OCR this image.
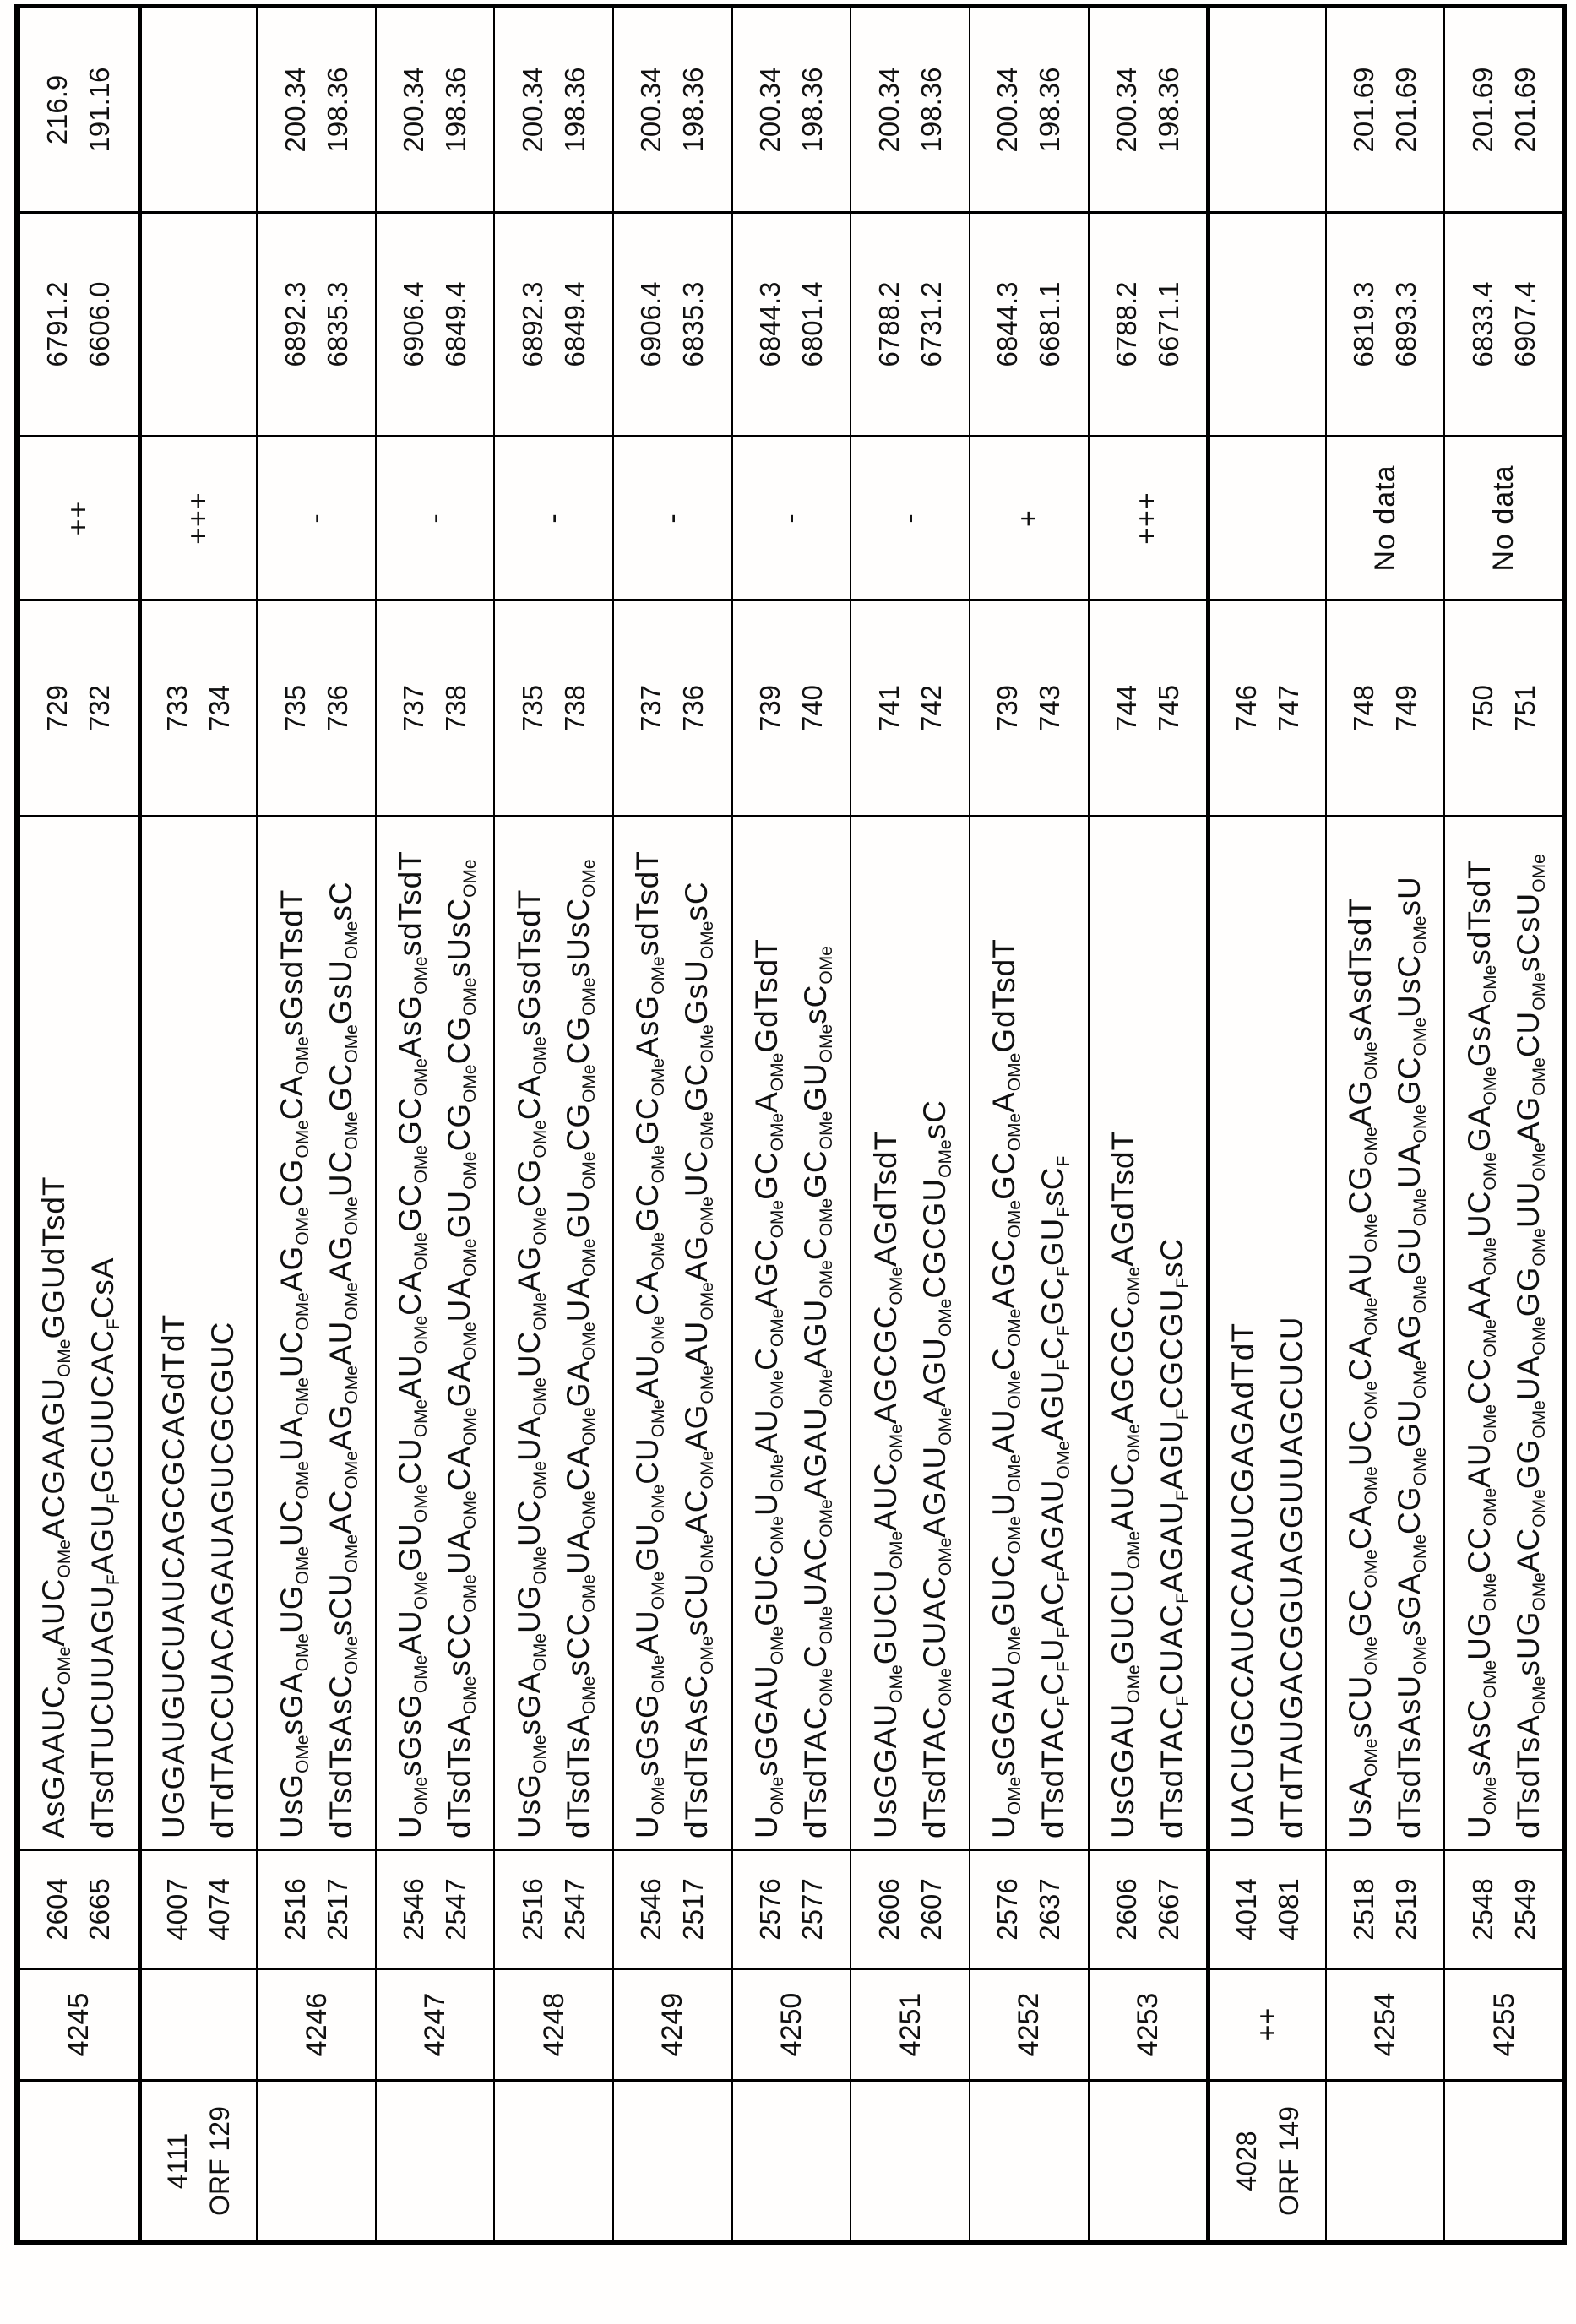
4245
2604 2665
$AsGAAUC_{OMe}AUC_{OMe}ACGAAGU_{OMe}GGUdTsdT$
$dTsdTUCUUAGU_FAGU_FGCUUCAC_FCsA$
729 732
++
6791.2 6606.0
216.9 191.16
4111 ORF 129
4007 4074
UGGAUGUCUAUCAGCGCAGdTdT dTdTACCUACAGAUAGUCGCGUC
733 734
+++
4246
2516 2517
$UsG_{OMe}sGA_{OMe}UG_{OMe}UC_{OMe}UA_{OMe}UC_{OMe}AG_{OMe}CG_{OMe}CA_{OMe}sGsdTsdT$
$dTsdTsAsC_{OMe}sCU_{OMe}AC_{OMe}AG_{OMe}AU_{OMe}AG_{OMe}UC_{OMe}GC_{OMe}GsU_{OMe}sC$
735 736
-
6892.3 6835.3
200.34 198.36
4247
2546 2547
$U_{OMe}sGsG_{OMe}AU_{OMe}GU_{OMe}CU_{OMe}AU_{OMe}CA_{OMe}GC_{OMe}GC_{OMe}AsG_{OMe}sdTsdT$
$dTsdTsA_{OMe}sCC_{OMe}UA_{OMe}CA_{OMe}GA_{OMe}UA_{OMe}GU_{OMe}CG_{OMe}CG_{OMe}sUsC_{OMe}$
737 738
-
6906.4 6849.4
200.34 198.36
4248
2516 2547
$UsG_{OMe}sGA_{OMe}UG_{OMe}UC_{OMe}UA_{OMe}UC_{OMe}AG_{OMe}CG_{OMe}CA_{OMe}sGsdTsdT$
$dTsdTsA_{OMe}sCC_{OMe}UA_{OMe}CA_{OMe}GA_{OMe}UA_{OMe}GU_{OMe}CG_{OMe}CG_{OMe}sUsC_{OMe}$
735 738
-
6892.3 6849.4
200.34 198.36
4249
2546 2517
$U_{OMe}sGsG_{OMe}AU_{OMe}GU_{OMe}CU_{OMe}AU_{OMe}CA_{OMe}GC_{OMe}GC_{OMe}AsG_{OMe}sdTsdT$
$dTsdTsAsC_{OMe}sCU_{OMe}AC_{OMe}AG_{OMe}AU_{OMe}AG_{OMe}UC_{OMe}GC_{OMe}GsU_{OMe}sC$
737 736
-
6906.4 6835.3
200.34 198.36
4250
2576 2577
$U_{OMe}sGGAU_{OMe}GUC_{OMe}U_{OMe}AU_{OMe}C_{OMe}AGC_{OMe}GC_{OMe}A_{OMe}GdTsdT$
$dTsdTAC_{OMe}C_{OMe}UAC_{OMe}AGAU_{OMe}AGU_{OMe}C_{OMe}GC_{OMe}GU_{OMe}sC_{OMe}$
739 740
-
6844.3 6801.4
200.34 198.36
4251
2606 2607
$UsGGAU_{OMe}GUCU_{OMe}AUC_{OMe}AGCGC_{OMe}AGdTsdT$
$dTsdTAC_{OMe}CUAC_{OMe}AGAU_{OMe}AGU_{OMe}CGCGU_{OMe}sC$
741 742
-
6788.2 6731.2
200.34 198.36
4252
2576 2637
$U_{OMe}sGGAU_{OMe}GUC_{OMe}U_{OMe}AU_{OMe}C_{OMe}AGC_{OMe}GC_{OMe}A_{OMe}GdTsdT$
$dTsdTAC_FC_FU_FAC_FAGAU_{OMe}AGU_FC_FGC_FGU_FsC_F$
739 743
+
6844.3 6681.1
200.34 198.36
4253
2606 2667
$UsGGAU_{OMe}GUCU_{OMe}AUC_{OMe}AGCGC_{OMe}AGdTsdT$
$dTsdTAC_FCUAC_FAGAU_FAGU_FCGCGU_FsC$
744 745
+++
6788.2 6671.1
200.34 198.36
4028 ORF 149
++
4014 4081
UACUGCCAUCCAAUCGAGAdTdT dTdTAUGACGGUAGGUUAGCUCU
746 747
4254
2518 2519
$UsA_{OMe}sCU_{OMe}GC_{OMe}CA_{OMe}UC_{OMe}CA_{OMe}AU_{OMe}CG_{OMe}AG_{OMe}sAsdTsdT$
$dTsdTsAsU_{OMe}sGA_{OMe}CG_{OMe}GU_{OMe}AG_{OMe}GU_{OMe}UA_{OMe}GC_{OMe}UsC_{OMe}sU$
748 749
No data
6819.3 6893.3
201.69 201.69
4255
2548 2549
$U_{OMe}sAsC_{OMe}UG_{OMe}CC_{OMe}AU_{OMe}CC_{OMe}AA_{OMe}UC_{OMe}GA_{OMe}GsA_{OMe}sdTsdT$
$dTsdTsA_{OMe}sUG_{OMe}AC_{OMe}GG_{OMe}UA_{OMe}GG_{OMe}UU_{OMe}AG_{OMe}CU_{OMe}sCsU_{OMe}$
750 751
No data
6833.4 6907.4
201.69 201.69
